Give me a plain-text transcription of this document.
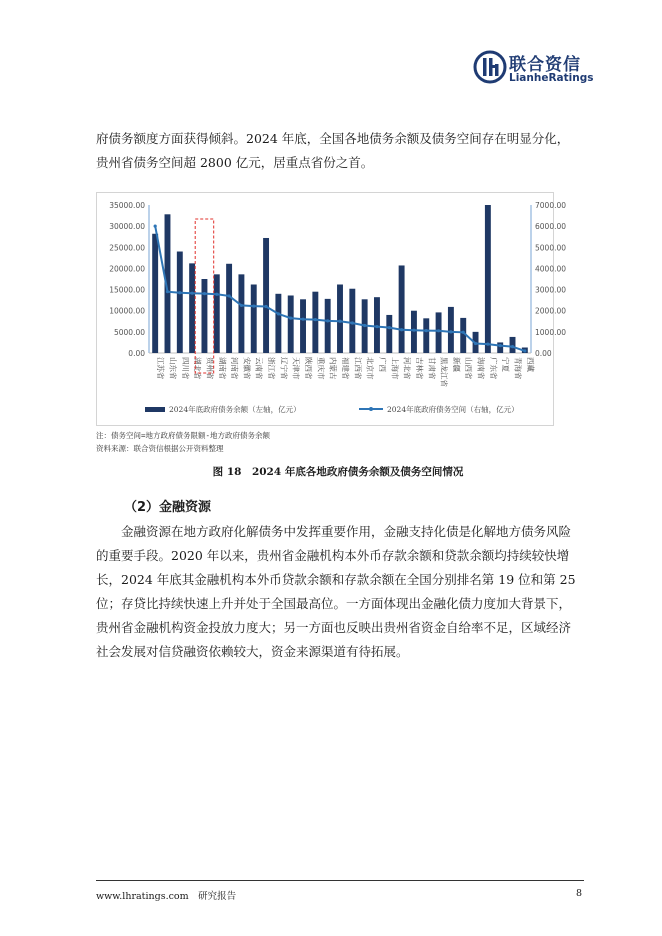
联合资信
LianheRatings

府债务额度方面获得倾斜。2024 年底，全国各地债务余额及债务空间存在明显分化，贵州省债务空间超 2800 亿元，居重点省份之首。

0.00
5000.00
10000.00
15000.00
20000.00
25000.00
30000.00
35000.00
0.00
1000.00
2000.00
3000.00
4000.00
5000.00
6000.00
7000.00
江苏省 山东省 四川省 湖北省 贵州省 湖南省 河南省 安徽省 云南省 浙江省 辽宁省 天津市 陕西省 重庆市 内蒙古 福建省 江西省 北京市 广西 上海市 河北省 吉林省 甘肃省 黑龙江省 新疆 山西省 海南省 广东省 宁夏 青海省 西藏
2024年底政府债务余额（左轴，亿元）	2024年底政府债务空间（右轴，亿元）
注：债务空间=地方政府债务限额-地方政府债务余额
资料来源：联合资信根据公开资料整理
图 18　2024 年底各地政府债务余额及债务空间情况
（2）金融资源

金融资源在地方政府化解债务中发挥重要作用，金融支持化债是化解地方债务风险的重要手段。2020 年以来，贵州省金融机构本外币存款余额和贷款余额均持续较快增长，2024 年底其金融机构本外币贷款余额和存款余额在全国分别排名第 19 位和第 25 位；存贷比持续快速上升并处于全国最高位。一方面体现出金融化债力度加大背景下，贵州省金融机构资金投放力度大；另一方面也反映出贵州省资金自给率不足，区域经济社会发展对信贷融资依赖较大，资金来源渠道有待拓展。

www.lhratings.com　研究报告	8
